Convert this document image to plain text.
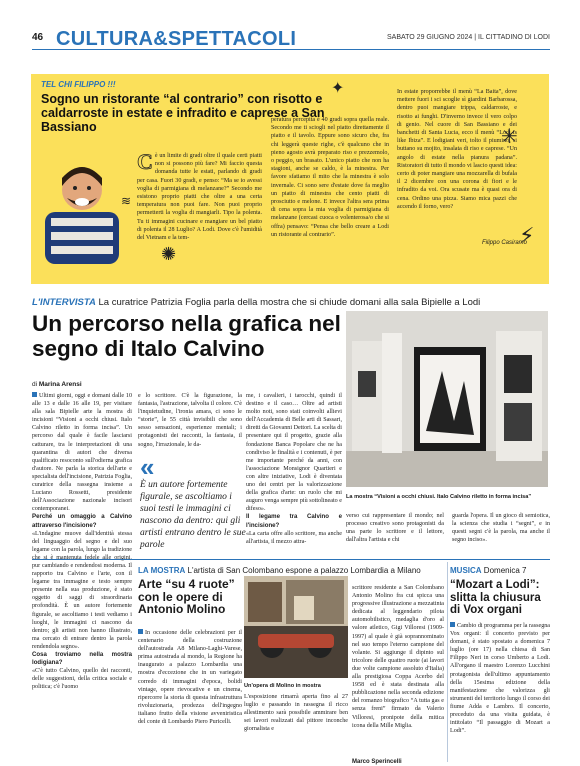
46 CULTURA&SPETTACOLI	SABATO 29 GIUGNO 2024 | IL CITTADINO DI LODI
✦
✳
⚡
✺
≋
TEL CHI FILIPPO !!!
Sogno un ristorante “al contrario” con risotto e caldarroste in estate e infradito e caprese a San Bassiano
Cè un limite di gradi oltre il quale certi piatti non si possono più fare? Mi faccio questa domanda tutte le estati, parlando di gradi per casa. Fuori 30 gradi, e penso: “Ma se io avessi voglia di parmigiana di melanzane?” Secondo me esistono proprio piatti che oltre a una certa temperatura non puoi fare. Non puoi proprio permetterti la voglia di mangiarli. Tipo la polenta. Tu ti immagini cucinare e mangiare un bel piatto di polenta il 28 Luglio? A Lodi. Dove c'è l'umidità del Vietnam e la tem-
peratura percepita è 40 gradi sopra quella reale. Secondo me ti sciogli nel piatto direttamente il piatto e il tavolo. Eppure sono sicuro che, fra chi leggerà queste righe, c'è qualcuno che in pieno agosto avrà preparato riso e prezzemolo, o peggio, un brasato. L'unico piatto che non ha stagioni, anche se caldo, è la minestra. Per favore sfatiamo il mito che la minestra è solo invernale. Ci sono sere d'estate dove fa meglio un piatto di minestra che cento piatti di prosciutto e melone. E invece l'altra sera prima di cena sopra la mia voglia di parmigiana di melanzane (cercasi cuoca o volenterosa/o che si offra) pensavo: “Pensa che bello creare a Lodi un ristorante al contrario”.
In estate proporrebbe il menù “La Baita”, dove mettere fuori i sci scoglie sì giardini Barbarossa, dentro puoi mangiare trippa, caldarroste, e risotto ai funghi. D'inverno invece il vero colpo di genio. Nel cuore di San Bassiano e dei banchetti di Santa Lucia, ecco il menù “Lodi is like Ibiza”. E lodigiani veri, tolto il piumino, si buttano su mojito, insalata di riso e caprese. “Un angolo di estate nella pianura padana”. Ristoratori di tutto il mondo vi lascio questi idea: certo di poter mangiare una mozzarella di bufala il 2 dicembre con una corona di fiori e le infradito da voi. Ora scusate ma è quasi ora di cena. Ordino una pizza. Siamo mica pazzi che accendo il forno, vero?
Filippo Casiramo
L'INTERVISTA La curatrice Patrizia Foglia parla della mostra che si chiude domani alla sala Bipielle a Lodi
Un percorso nella grafica nel segno di Italo Calvino
di Marina Arensi
Ultimi giorni, oggi e domani dalle 10 alle 13 e dalle 16 alle 19, per visitare alla sala Bipielle arte la mostra di incisioni “Visioni a occhi chiusi. Italo Calvino riletto in forma incisa”. Un percorso dal quale è facile lasciarsi catturare, tra le interpretazioni di una quarantina di autori che diversa qualificato resoconto sull'odierna grafica d'autore. Ne parla la storica dell'arte e specialista dell'incisione, Patrizia Foglia, curatrice della rassegna insieme a Luciano Rossetti, presidente dell'Associazione nazionale incisori contemporanei.
Perché un omaggio a Calvino attraverso l'incisione?
«L'indagine muove dall'identità stessa del linguaggio del segno e del suo legame con la parola, lungo la tradizione che si è mantenuta fedele alle origini, pur cambiando e rendendosi moderna. Il rapporto tra Calvino e l'arte, con il legame tra immagine e testo sempre presente nella sua produzione, è stato oggetto di saggi di straordinaria profondità. È un autore fortemente figurale, se ascoltiamo i testi vediamo i luoghi, le immagini ci nascono da dentro; gli artisti non hanno illustrato, ma cercato di entrare dentro la parola rendendola segno».
Cosa troviamo nella mostra lodigiana?
«C'è tutto Calvino, quello dei racconti, delle suggestioni, della critica sociale e politica; c'è l'uomo
e lo scrittore. C'è la figurazione, la fantasia, l'astrazione, talvolta il colore. C'è l'inquietudine, l'ironia amara, ci sono le “storie”, le 55 città invisibili che sono sesso sensazioni, esperienze mentali; i protagonisti dei racconti, la fantasia, il sogno, l'irrazionale, le da-
«
È un autore fortemente figurale, se ascoltiamo i suoi testi le immagini ci nascono da dentro: qui gli artisti entrano dentro le sue parole
me, i cavalieri, i tarocchi, quindi il destino e il caso… Oltre ad artisti molto noti, sono stati coinvolti allievi dell'Accademia di Belle arti di Sassari, diretti da Giovanni Dettori. La scelta di presentare qui il progetto, grazie alla fondazione Banca Popolare che ne ha condiviso le finalità e i contenuti, è per me importante perché da anni, con l'associazione Monsignor Quartieri e con altre iniziative, Lodi è diventata uno dei centri per la valorizzazione della grafica d'arte: un ruolo che mi auguro venga sempre più sottolineato e difeso».
Il legame tra Calvino e l'incisione?
«La carta offre allo scrittore, ma anche all'artista, il mezzo attra-
La mostra “Visioni a occhi chiusi. Italo Calvino riletto in forma incisa”
verso cui rappresentare il mondo; nel processo creativo sono protagonisti da una parte lo scrittore e il lettore, dall'altra l'artista e chi
guarda l'opera. Il un gioco di semiotica, la scienza che studia i “segni”, e in questi segni c'è la parola, ma anche il segno inciso».
LA MOSTRA L'artista di San Colombano espone a palazzo Lombardia a Milano
Arte “su 4 ruote” con le opere di Antonio Molino
In occasione delle celebrazioni per il centenario della costruzione dell'autostrada A8 Milano-Laghi-Varese, prima autostrada al mondo, la Regione ha inaugurato a palazzo Lombardia una mostra d'eccezione che in un variegato corredo di immagini d'epoca, bolidi vintage, opere rievocative e un cinema, ripercorre la storia di questa infrastruttura rivoluzionaria, prodezza dell'ingegno italiano frutto della visione avveniristica del conte di Lombardo Piero Puricelli.
Un'opera di Molino in mostra
L'esposizione rimarrà aperta fino al 27 luglio e passando in rassegna il ricco allestimento sarà possibile ammirare ben sei lavori realizzati dal pittore inconche giornalista e
scrittore residente a San Colombano Antonio Molino fra cui spicca una progressive illustrazione a mezzatinta dedicata al leggendario pilota automobilistico, medaglia d'oro al valore atletico, Gigi Villoresi (1909-1997) al quale è già soprannominato nel suo tempo l'eterno campione del volante. Si aggiunge il dipinto sul tricolore delle quattro ruote (ai lavori due volte campione assoluto d'Italia) alla prestigiosa Coppa Acerbo del 1958 ed è stata destinata alla pubblicazione nella seconda edizione del romanzo biografico “A tutta gas e senza freni” firmato da Valerio Villoresi, pronipote della mitica icona della Mille Miglia.
Marco Sperincelli
MUSICA Domenica 7
“Mozart a Lodi”: slitta la chiusura di Vox organi
Cambio di programma per la rassegna Vox organi: il concerto previsto per domani, è stato spostato a domenica 7 luglio (ore 17) nella chiesa di San Filippo Neri in corso Umberto a Lodi. All'organo il maestro Lorenzo Lucchini protagonista dell'ultimo appuntamento della 15esima edizione della manifestazione che valorizza gli strumenti del territorio lungo il corso dei fiume Adda e Lambro. Il concerto, preceduto da una visita guidata, è intitolato “Il passaggio di Mozart a Lodi”.
